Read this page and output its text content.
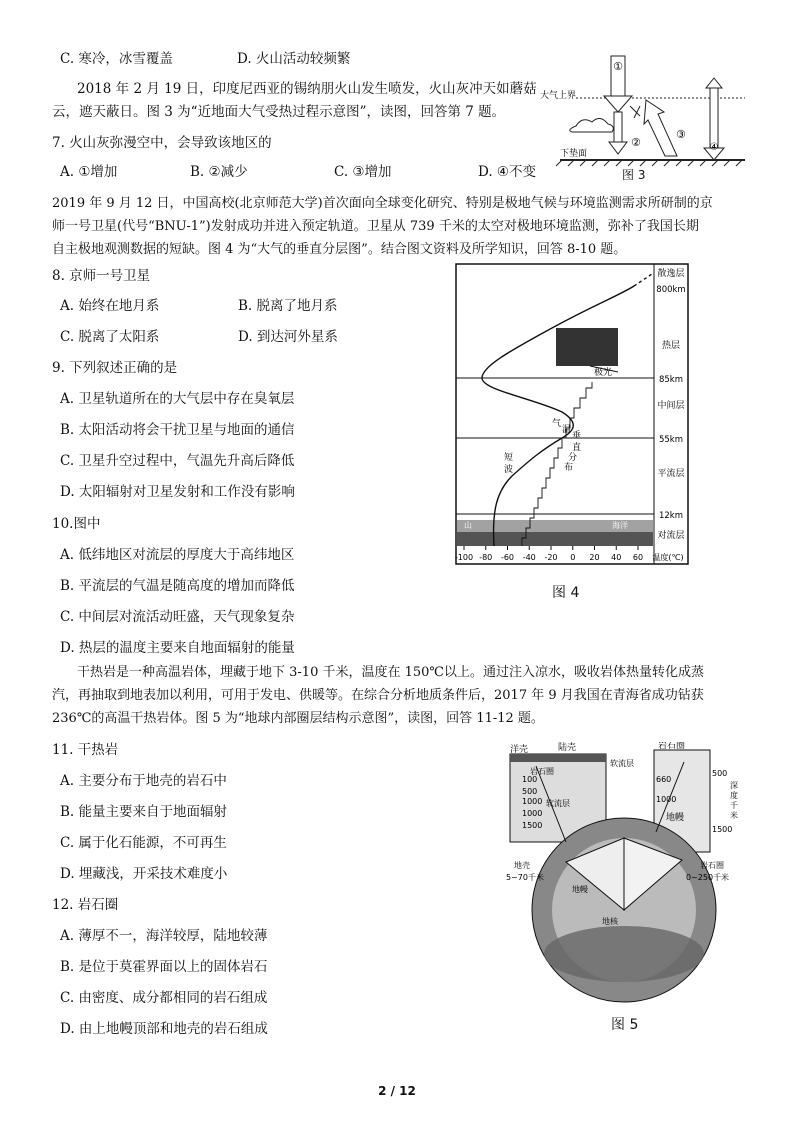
C. 寒冷，冰雪覆盖	D. 火山活动较频繁
2018 年 2 月 19 日，印度尼西亚的锡纳朋火山发生喷发，火山灰冲天如蘑菇
云，遮天蔽日。图 3 为“近地面大气受热过程示意图”，读图，回答第 7 题。
7. 火山灰弥漫空中，会导致该地区的
A. ①增加	B. ②减少	C. ③增加	D. ④不变
大气上界
①
②
③
④
下垫面
图 3
2019 年 9 月 12 日，中国高校(北京师范大学)首次面向全球变化研究、特别是极地气候与环境监测需求所研制的京
师一号卫星(代号“BNU-1”)发射成功并进入预定轨道。卫星从 739 千米的太空对极地环境监测，弥补了我国长期
自主极地观测数据的短缺。图 4 为“大气的垂直分层图”。结合图文资料及所学知识，回答 8-10 题。
8. 京师一号卫星
A. 始终在地月系	B. 脱离了地月系
C. 脱离了太阳系	D. 到达河外星系
9. 下列叙述正确的是
A. 卫星轨道所在的大气层中存在臭氧层
B. 太阳活动将会干扰卫星与地面的通信
C. 卫星升空过程中，气温先升高后降低
D. 太阳辐射对卫星发射和工作没有影响
10.图中
A. 低纬地区对流层的厚度大于高纬地区
B. 平流层的气温是随高度的增加而降低
C. 中间层对流活动旺盛，天气现象复杂
D. 热层的温度主要来自地面辐射的能量
散逸层
热层
中间层
平流层
对流层
800km
85km
55km
12km
山	海洋
极光
短
波
气
温
垂
直
分
布
-100 -80 -60 -40 -20 0 20 40 60 温度(℃)
图 4
干热岩是一种高温岩体，埋藏于地下 3-10 千米，温度在 150℃以上。通过注入凉水，吸收岩体热量转化成蒸
汽，再抽取到地表加以利用，可用于发电、供暖等。在综合分析地质条件后，2017 年 9 月我国在青海省成功钻获
236℃的高温干热岩体。图 5 为“地球内部圈层结构示意图”，读图，回答 11-12 题。
11. 干热岩
A. 主要分布于地壳的岩石中
B. 能量主要来自于地面辐射
C. 属于化石能源，不可再生
D. 埋藏浅，开采技术难度小
12. 岩石圈
A. 薄厚不一，海洋较厚，陆地较薄
B. 是位于莫霍界面以上的固体岩石
C. 由密度、成分都相同的岩石组成
D. 由上地幔顶部和地壳的岩石组成
洋壳	陆壳
岩石圈
软流层
100
500
1000
1000
1500
岩石圈
660
1000
地幔
500
1500
深
度
千
米
软流层
地壳
5~70千米
岩石圈
0~250千米
地幔
地核
图 5
2 / 12
